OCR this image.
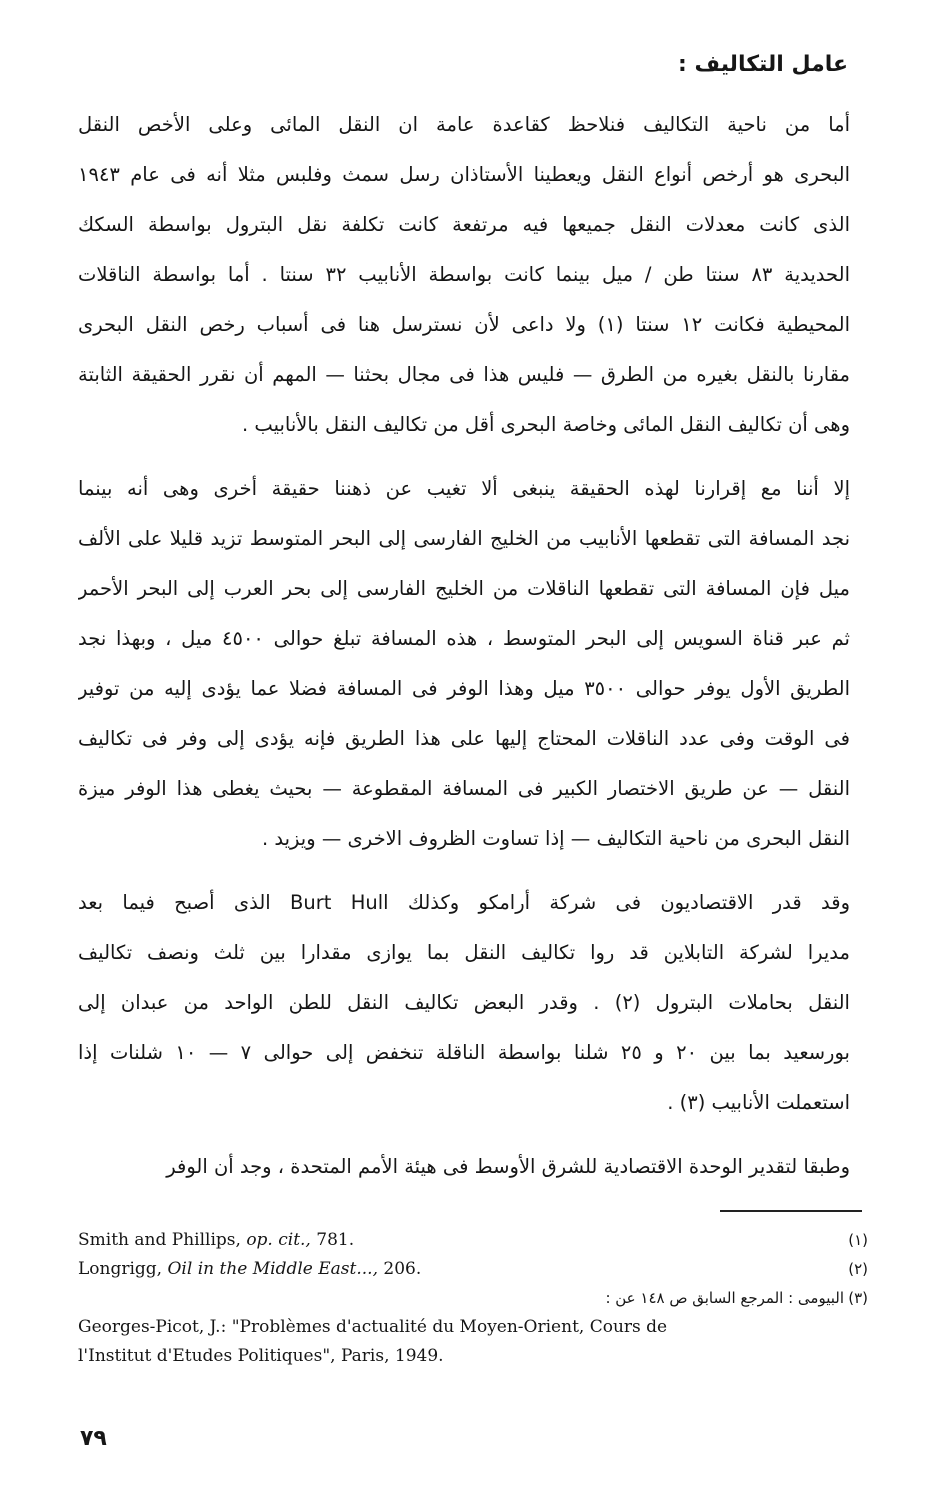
عامل التكاليف :

أما من ناحية التكاليف فنلاحظ كقاعدة عامة ان النقل المائى وعلى الأخص النقل
البحرى هو أرخص أنواع النقل ويعطينا الأستاذان رسل سمث وفلبس مثلا أنه فى عام ١٩٤٣
الذى كانت معدلات النقل جميعها فيه مرتفعة كانت تكلفة نقل البترول بواسطة السكك
الحديدية ٨٣ سنتا طن / ميل بينما كانت بواسطة الأنابيب ٣٢ سنتا . أما بواسطة الناقلات
المحيطية فكانت ١٢ سنتا (١) ولا داعى لأن نسترسل هنا فى أسباب رخص النقل البحرى
مقارنا بالنقل بغيره من الطرق — فليس هذا فى مجال بحثنا — المهم أن نقرر الحقيقة الثابتة
وهى أن تكاليف النقل المائى وخاصة البحرى أقل من تكاليف النقل بالأنابيب .

إلا أننا مع إقرارنا لهذه الحقيقة ينبغى ألا تغيب عن ذهننا حقيقة أخرى وهى أنه بينما
نجد المسافة التى تقطعها الأنابيب من الخليج الفارسى إلى البحر المتوسط تزيد قليلا على الألف
ميل فإن المسافة التى تقطعها الناقلات من الخليج الفارسى إلى بحر العرب إلى البحر الأحمر
ثم عبر قناة السويس إلى البحر المتوسط ، هذه المسافة تبلغ حوالى ٤٥٠٠ ميل ، وبهذا نجد
الطريق الأول يوفر حوالى ٣٥٠٠ ميل وهذا الوفر فى المسافة فضلا عما يؤدى إليه من توفير
فى الوقت وفى عدد الناقلات المحتاج إليها على هذا الطريق فإنه يؤدى إلى وفر فى تكاليف
النقل — عن طريق الاختصار الكبير فى المسافة المقطوعة — بحيث يغطى هذا الوفر ميزة
النقل البحرى من ناحية التكاليف — إذا تساوت الظروف الاخرى — ويزيد .

وقد قدر الاقتصاديون فى شركة أرامكو وكذلك Burt Hull الذى أصبح فيما بعد
مديرا لشركة التابلاين قد روا تكاليف النقل بما يوازى مقدارا بين ثلث ونصف تكاليف
النقل بحاملات البترول (٢) . وقدر البعض تكاليف النقل للطن الواحد من عبدان إلى
بورسعيد بما بين ٢٠ و ٢٥ شلنا بواسطة الناقلة تنخفض إلى حوالى ٧ — ١٠ شلنات إذا
استعملت الأنابيب (٣) .

وطبقا لتقدير الوحدة الاقتصادية للشرق الأوسط فى هيئة الأمم المتحدة ، وجد أن الوفر

Smith and Phillips, op. cit., 781.	(١)
Longrigg, Oil in the Middle East..., 206.	(٢)
البيومى : المرجع السابق ص ١٤٨ عن : (٣)
Georges-Picot, J.: "Problèmes d'actualité du Moyen-Orient, Cours de
l'Institut d'Etudes Politiques", Paris, 1949.
٧٩
